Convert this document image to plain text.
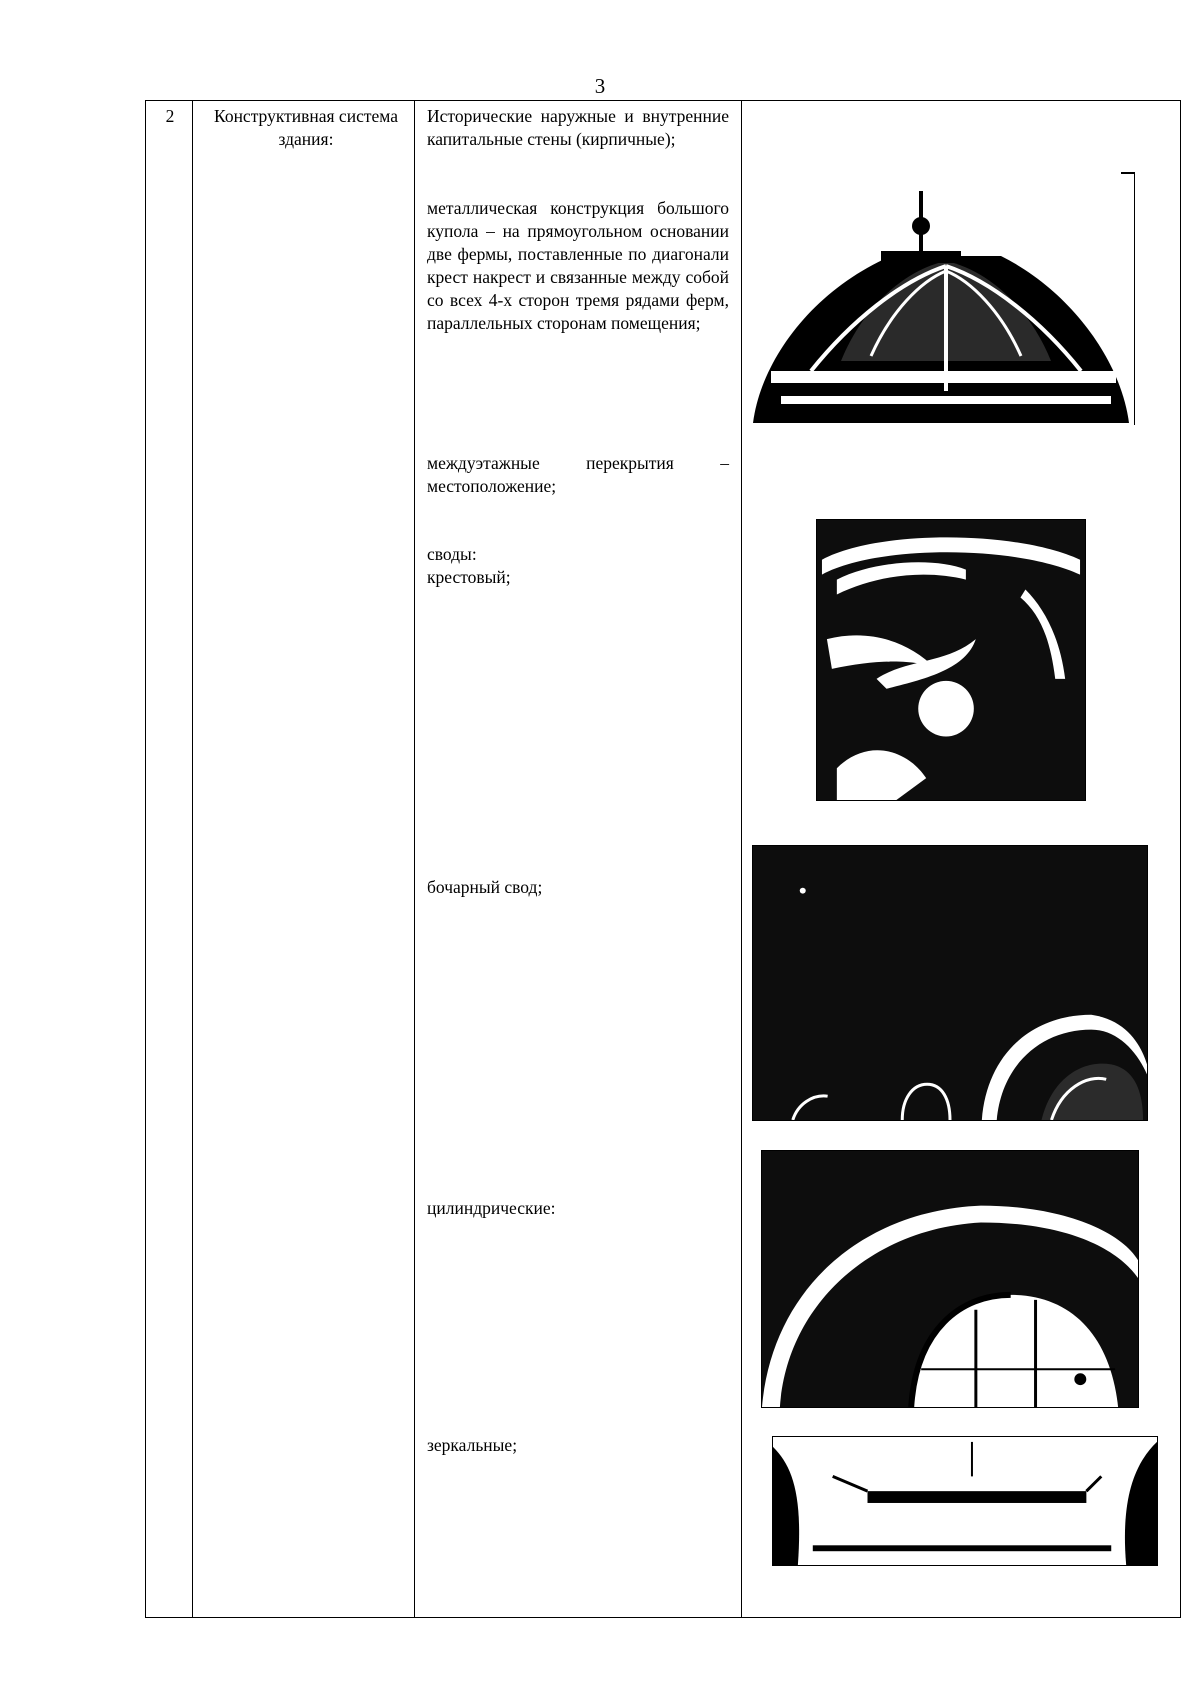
3
2	Конструктивная система здания:
Исторические наружные и внутренние капитальные стены (кирпичные);
металлическая конструкция большого купола – на прямоугольном основании две фермы, поставленные по диагонали крест накрест и связанные между собой со всех 4-х сторон тремя рядами ферм, параллельных сторонам помещения;
междуэтажные перекрытия – местоположение;
своды:
крестовый;
бочарный свод;
цилиндрические:
зеркальные;
